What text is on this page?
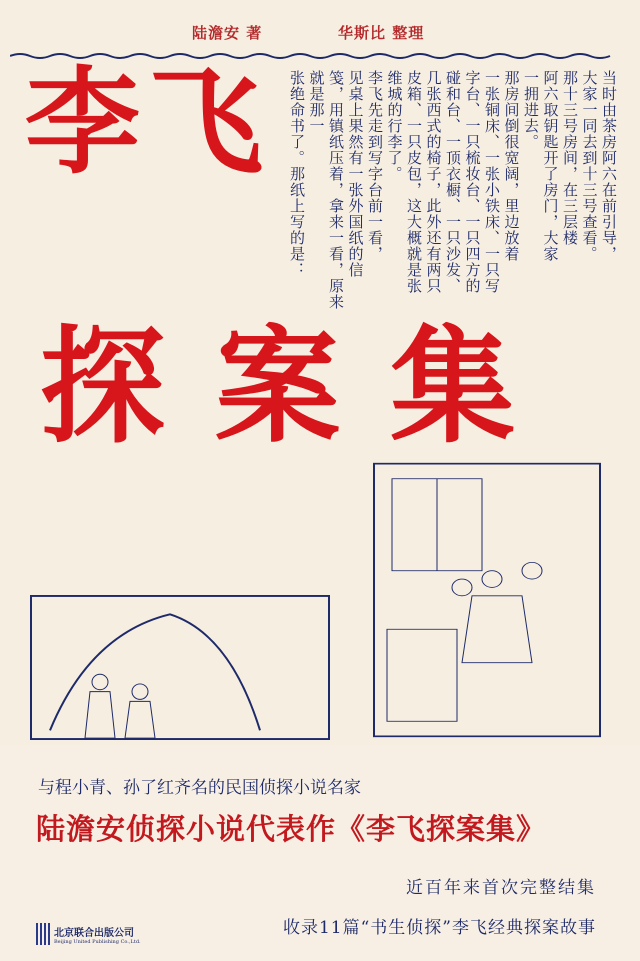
陆澹安 著	华斯比 整理
当时由茶房阿六在前引导，
大家一同去到十三号查看。
那十三号房间，在三层楼
阿六取钥匙开了房门，大家
一拥进去。
那房间倒很宽阔，里边放着
一张铜床、一张小铁床、一只写
字台、一只梳妆台、一只四方的
碰和台、一顶衣橱、一只沙发、
几张西式的椅子，此外还有两只
皮箱、一只皮包，这大概就是张
维城的行李了。
李飞先走到写字台前一看，
见桌上果然有一张外国纸的信
笺，用镇纸压着，拿来一看，原来就是那一
张绝命书了。那纸上写的是：
李 飞
探 案 集
与程小青、孙了红齐名的民国侦探小说名家
陆澹安侦探小说代表作《李飞探案集》
近百年来首次完整结集
收录11篇“书生侦探”李飞经典探案故事
北京联合出版公司
Beijing United Publishing Co.,Ltd.
